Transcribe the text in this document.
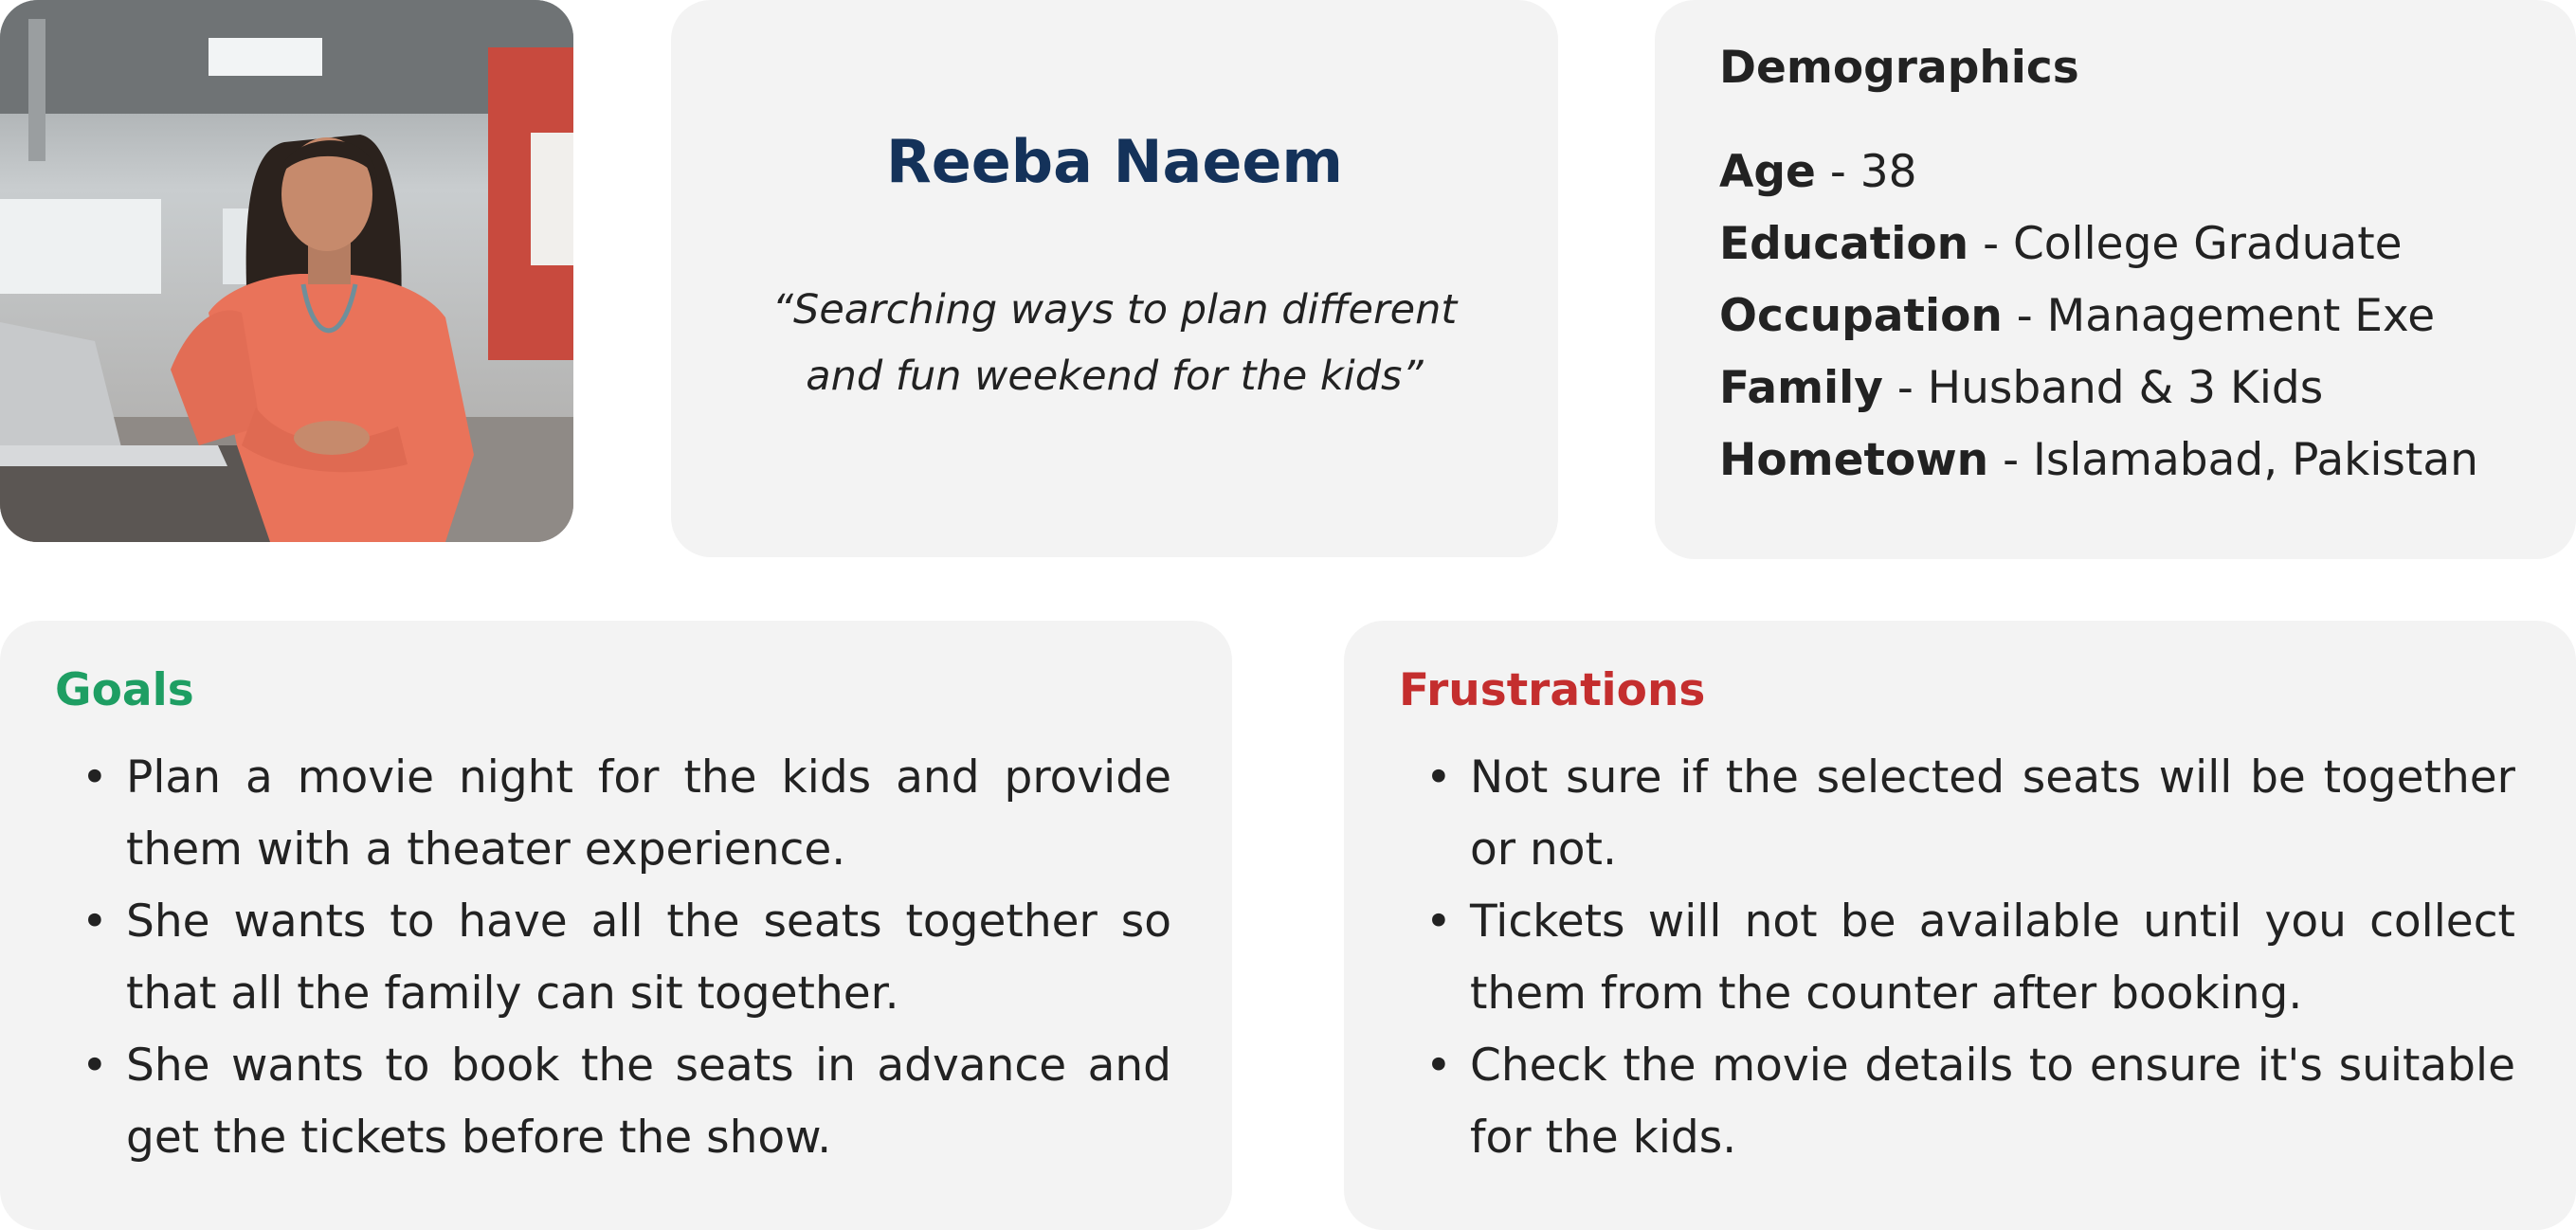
Reeba Naeem

“Searching ways to plan different
and fun weekend for the kids”

Demographics
Age - 38
Education - College Graduate
Occupation - Management Exe
Family - Husband & 3 Kids
Hometown - Islamabad, Pakistan
Goals
• Plan a movie night for the kids and provide them with a theater experience.
• She wants to have all the seats together so that all the family can sit together.
• She wants to book the seats in advance and get the tickets before the show.
Frustrations
• Not sure if the selected seats will be together or not.
• Tickets will not be available until you collect them from the counter after booking.
• Check the movie details to ensure it's suitable for the kids.
